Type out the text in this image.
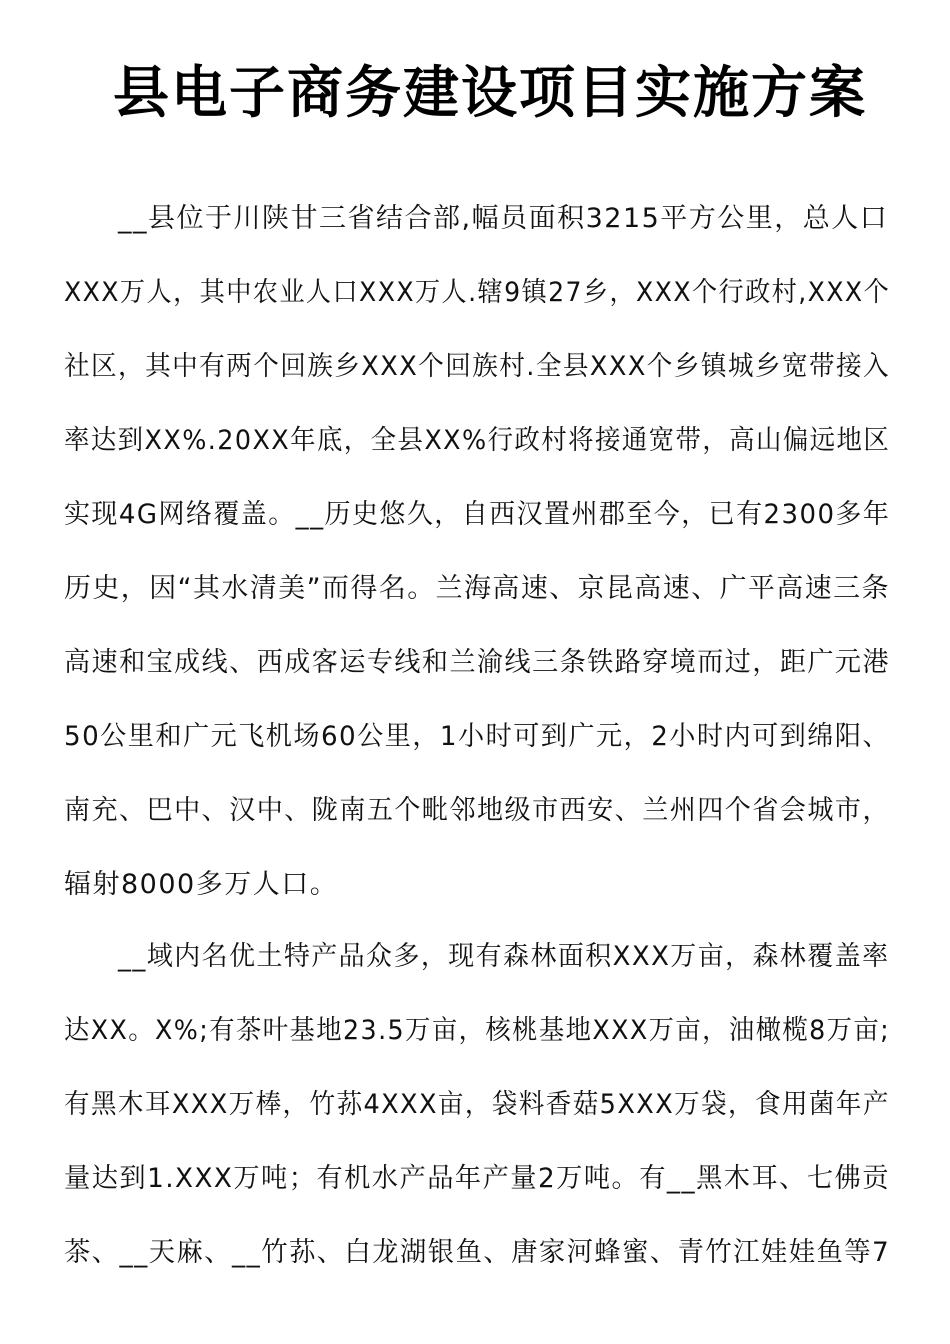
县电子商务建设项目实施方案
__县位于川陕甘三省结合部,幅员面积3215平方公里，总人口
XXX万人，其中农业人口XXX万人.辖9镇27乡，XXX个行政村,XXX个
社区，其中有两个回族乡XXX个回族村.全县XXX个乡镇城乡宽带接入
率达到XX%.20XX年底，全县XX%行政村将接通宽带，高山偏远地区
实现4G网络覆盖。__历史悠久，自西汉置州郡至今，已有2300多年
历史，因“其水清美”而得名。兰海高速、京昆高速、广平高速三条
高速和宝成线、西成客运专线和兰渝线三条铁路穿境而过，距广元港
50公里和广元飞机场60公里，1小时可到广元，2小时内可到绵阳、
南充、巴中、汉中、陇南五个毗邻地级市西安、兰州四个省会城市，
辐射8000多万人口。
__域内名优土特产品众多，现有森林面积XXX万亩，森林覆盖率
达XX。X%;有茶叶基地23.5万亩，核桃基地XXX万亩，油橄榄8万亩;
有黑木耳XXX万棒，竹荪4XXX亩，袋料香菇5XXX万袋，食用菌年产
量达到1.XXX万吨；有机水产品年产量2万吨。有__黑木耳、七佛贡
茶、__天麻、__竹荪、白龙湖银鱼、唐家河蜂蜜、青竹江娃娃鱼等7
